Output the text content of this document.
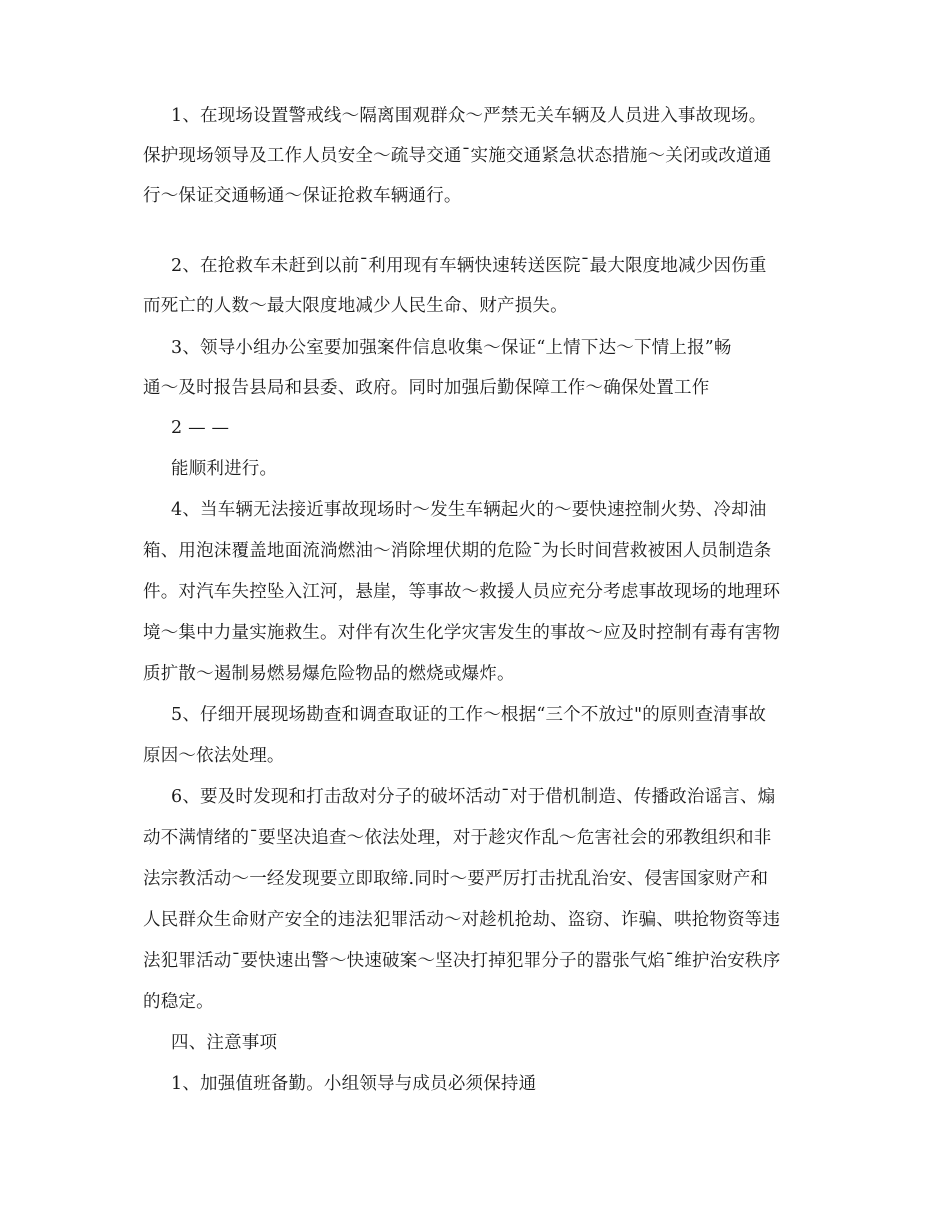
1、在现场设置警戒线～隔离围观群众～严禁无关车辆及人员进入事故现场。
保护现场领导及工作人员安全～疏导交通ˉ实施交通紧急状态措施～关闭或改道通
行～保证交通畅通～保证抢救车辆通行。
2、在抢救车未赶到以前ˉ利用现有车辆快速转送医院ˉ最大限度地减少因伤重
而死亡的人数～最大限度地减少人民生命、财产损失。
3、领导小组办公室要加强案件信息收集～保证“上情下达～下情上报”畅
通～及时报告县局和县委、政府。同时加强后勤保障工作～确保处置工作
2 — —
能顺利进行。
4、当车辆无法接近事故现场时～发生车辆起火的～要快速控制火势、冷却油
箱、用泡沫覆盖地面流淌燃油～消除埋伏期的危险ˉ为长时间营救被困人员制造条
件。对汽车失控坠入江河，悬崖，等事故～救援人员应充分考虑事故现场的地理环
境～集中力量实施救生。对伴有次生化学灾害发生的事故～应及时控制有毒有害物
质扩散～遏制易燃易爆危险物品的燃烧或爆炸。
5、仔细开展现场勘查和调查取证的工作～根据“三个不放过"的原则查清事故
原因～依法处理。
6、要及时发现和打击敌对分子的破坏活动ˉ对于借机制造、传播政治谣言、煽
动不满情绪的ˉ要坚决追查～依法处理，对于趁灾作乱～危害社会的邪教组织和非
法宗教活动～一经发现要立即取缔.同时～要严厉打击扰乱治安、侵害国家财产和
人民群众生命财产安全的违法犯罪活动～对趁机抢劫、盗窃、诈骗、哄抢物资等违
法犯罪活动ˉ要快速出警～快速破案～坚决打掉犯罪分子的嚣张气焰ˉ维护治安秩序
的稳定。
四、注意事项
1、加强值班备勤。小组领导与成员必须保持通
